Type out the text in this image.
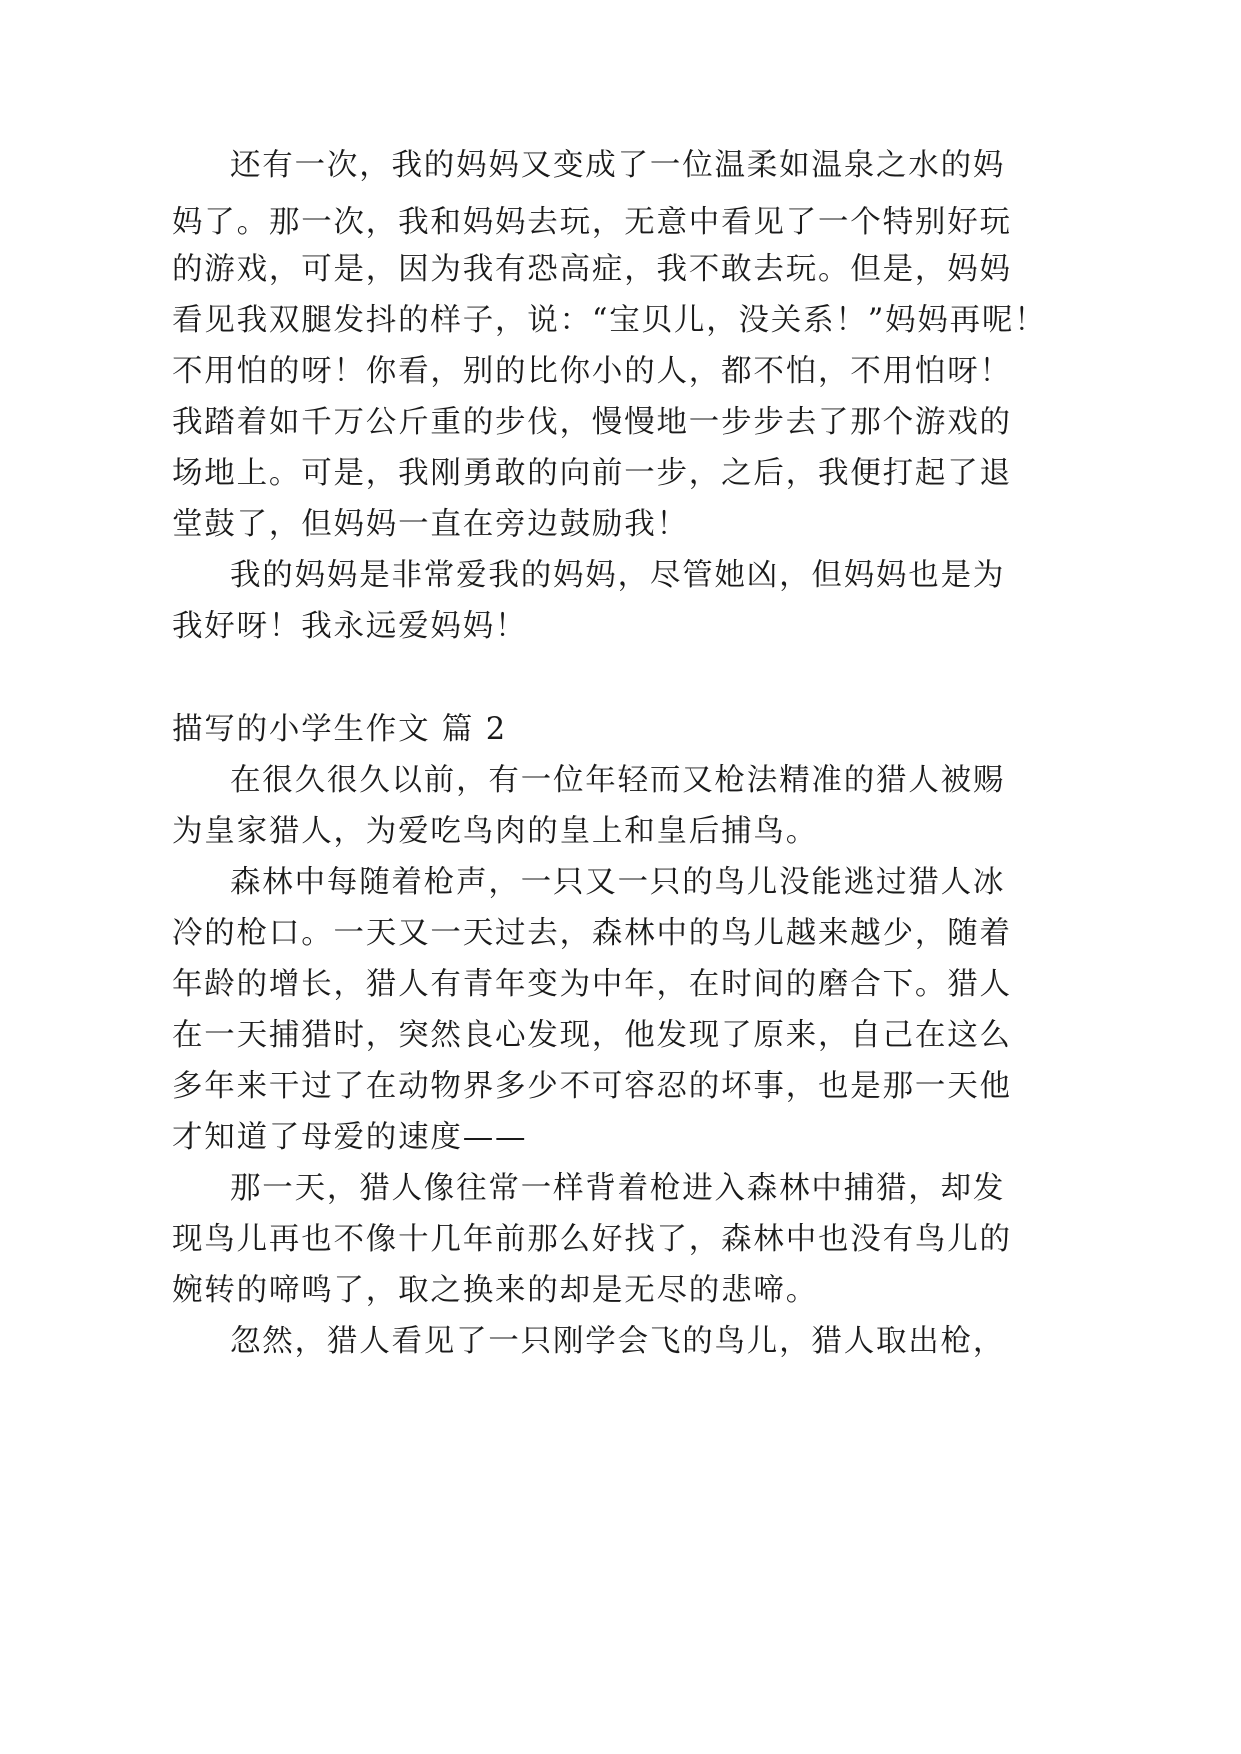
还有一次，我的妈妈又变成了一位温柔如温泉之水的妈
妈了。那一次，我和妈妈去玩，无意中看见了一个特别好玩
的游戏，可是，因为我有恐高症，我不敢去玩。但是，妈妈
看见我双腿发抖的样子，说：“宝贝儿，没关系！”妈妈再呢！
不用怕的呀！你看，别的比你小的人，都不怕，不用怕呀！
我踏着如千万公斤重的步伐，慢慢地一步步去了那个游戏的
场地上。可是，我刚勇敢的向前一步，之后，我便打起了退
堂鼓了，但妈妈一直在旁边鼓励我！
我的妈妈是非常爱我的妈妈，尽管她凶，但妈妈也是为
我好呀！我永远爱妈妈！
描写的小学生作文 篇 2
在很久很久以前，有一位年轻而又枪法精准的猎人被赐
为皇家猎人，为爱吃鸟肉的皇上和皇后捕鸟。
森林中每随着枪声，一只又一只的鸟儿没能逃过猎人冰
冷的枪口。一天又一天过去，森林中的鸟儿越来越少，随着
年龄的增长，猎人有青年变为中年，在时间的磨合下。猎人
在一天捕猎时，突然良心发现，他发现了原来，自己在这么
多年来干过了在动物界多少不可容忍的坏事，也是那一天他
才知道了母爱的速度——
那一天，猎人像往常一样背着枪进入森林中捕猎，却发
现鸟儿再也不像十几年前那么好找了，森林中也没有鸟儿的
婉转的啼鸣了，取之换来的却是无尽的悲啼。
忽然，猎人看见了一只刚学会飞的鸟儿，猎人取出枪，
